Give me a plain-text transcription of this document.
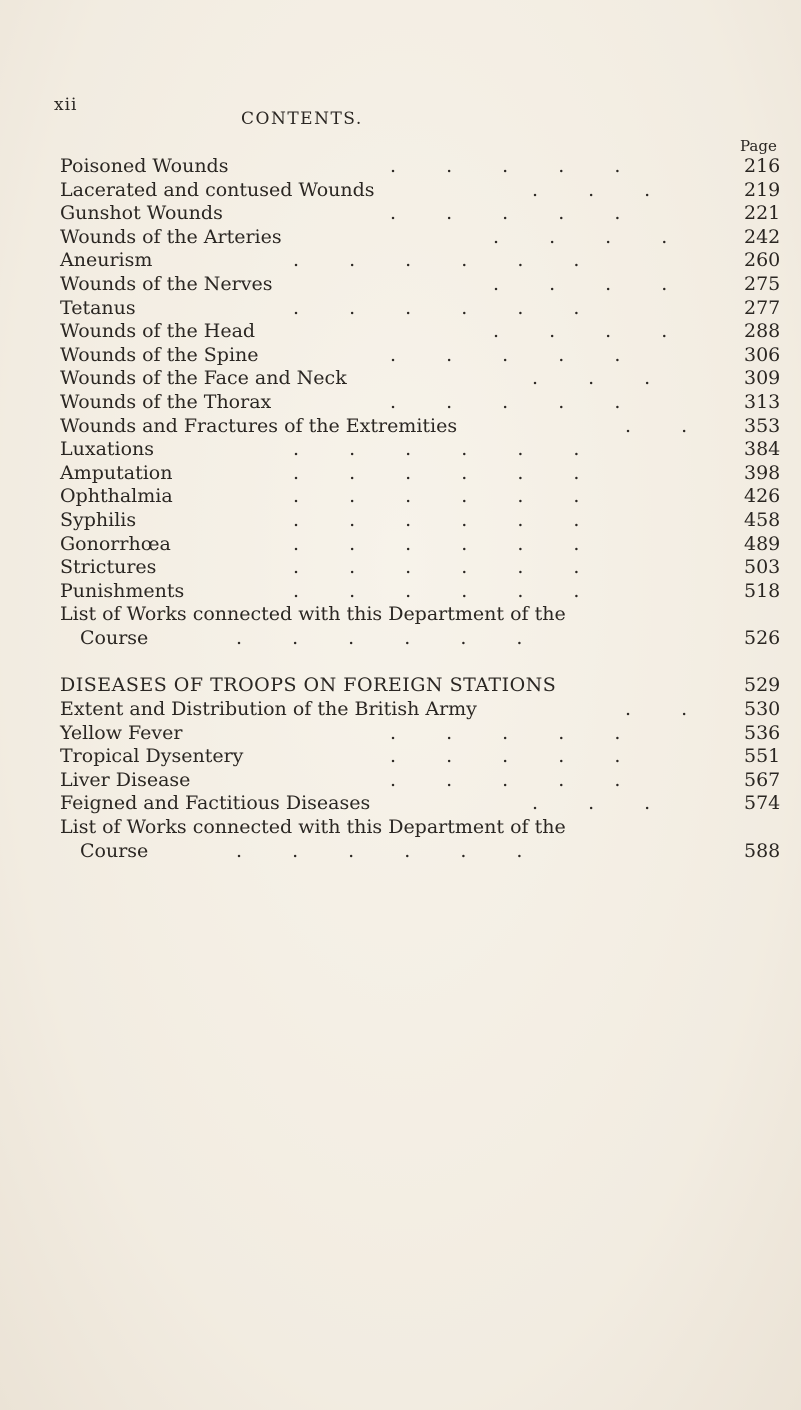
xii
CONTENTS.
Page
Poisoned Wounds	. . . . .	216
Lacerated and contused Wounds	. . .	219
Gunshot Wounds	. . . . .	221
Wounds of the Arteries	. . . .	242
Aneurism	. . . . . .	260
Wounds of the Nerves	. . . .	275
Tetanus	. . . . . .	277
Wounds of the Head	. . . .	288
Wounds of the Spine	. . . . .	306
Wounds of the Face and Neck	. . .	309
Wounds of the Thorax	. . . . .	313
Wounds and Fractures of the Extremities	. .	353
Luxations	. . . . . .	384
Amputation	. . . . . .	398
Ophthalmia	. . . . . .	426
Syphilis	. . . . . .	458
Gonorrhœa	. . . . . .	489
Strictures	. . . . . .	503
Punishments	. . . . . .	518
List of Works connected with this Department of the
Course	. . . . . .	526
DISEASES OF TROOPS ON FOREIGN STATIONS	529
Extent and Distribution of the British Army	. .	530
Yellow Fever	. . . . .	536
Tropical Dysentery	. . . . .	551
Liver Disease	. . . . .	567
Feigned and Factitious Diseases	. . .	574
List of Works connected with this Department of the
Course	. . . . . .	588
